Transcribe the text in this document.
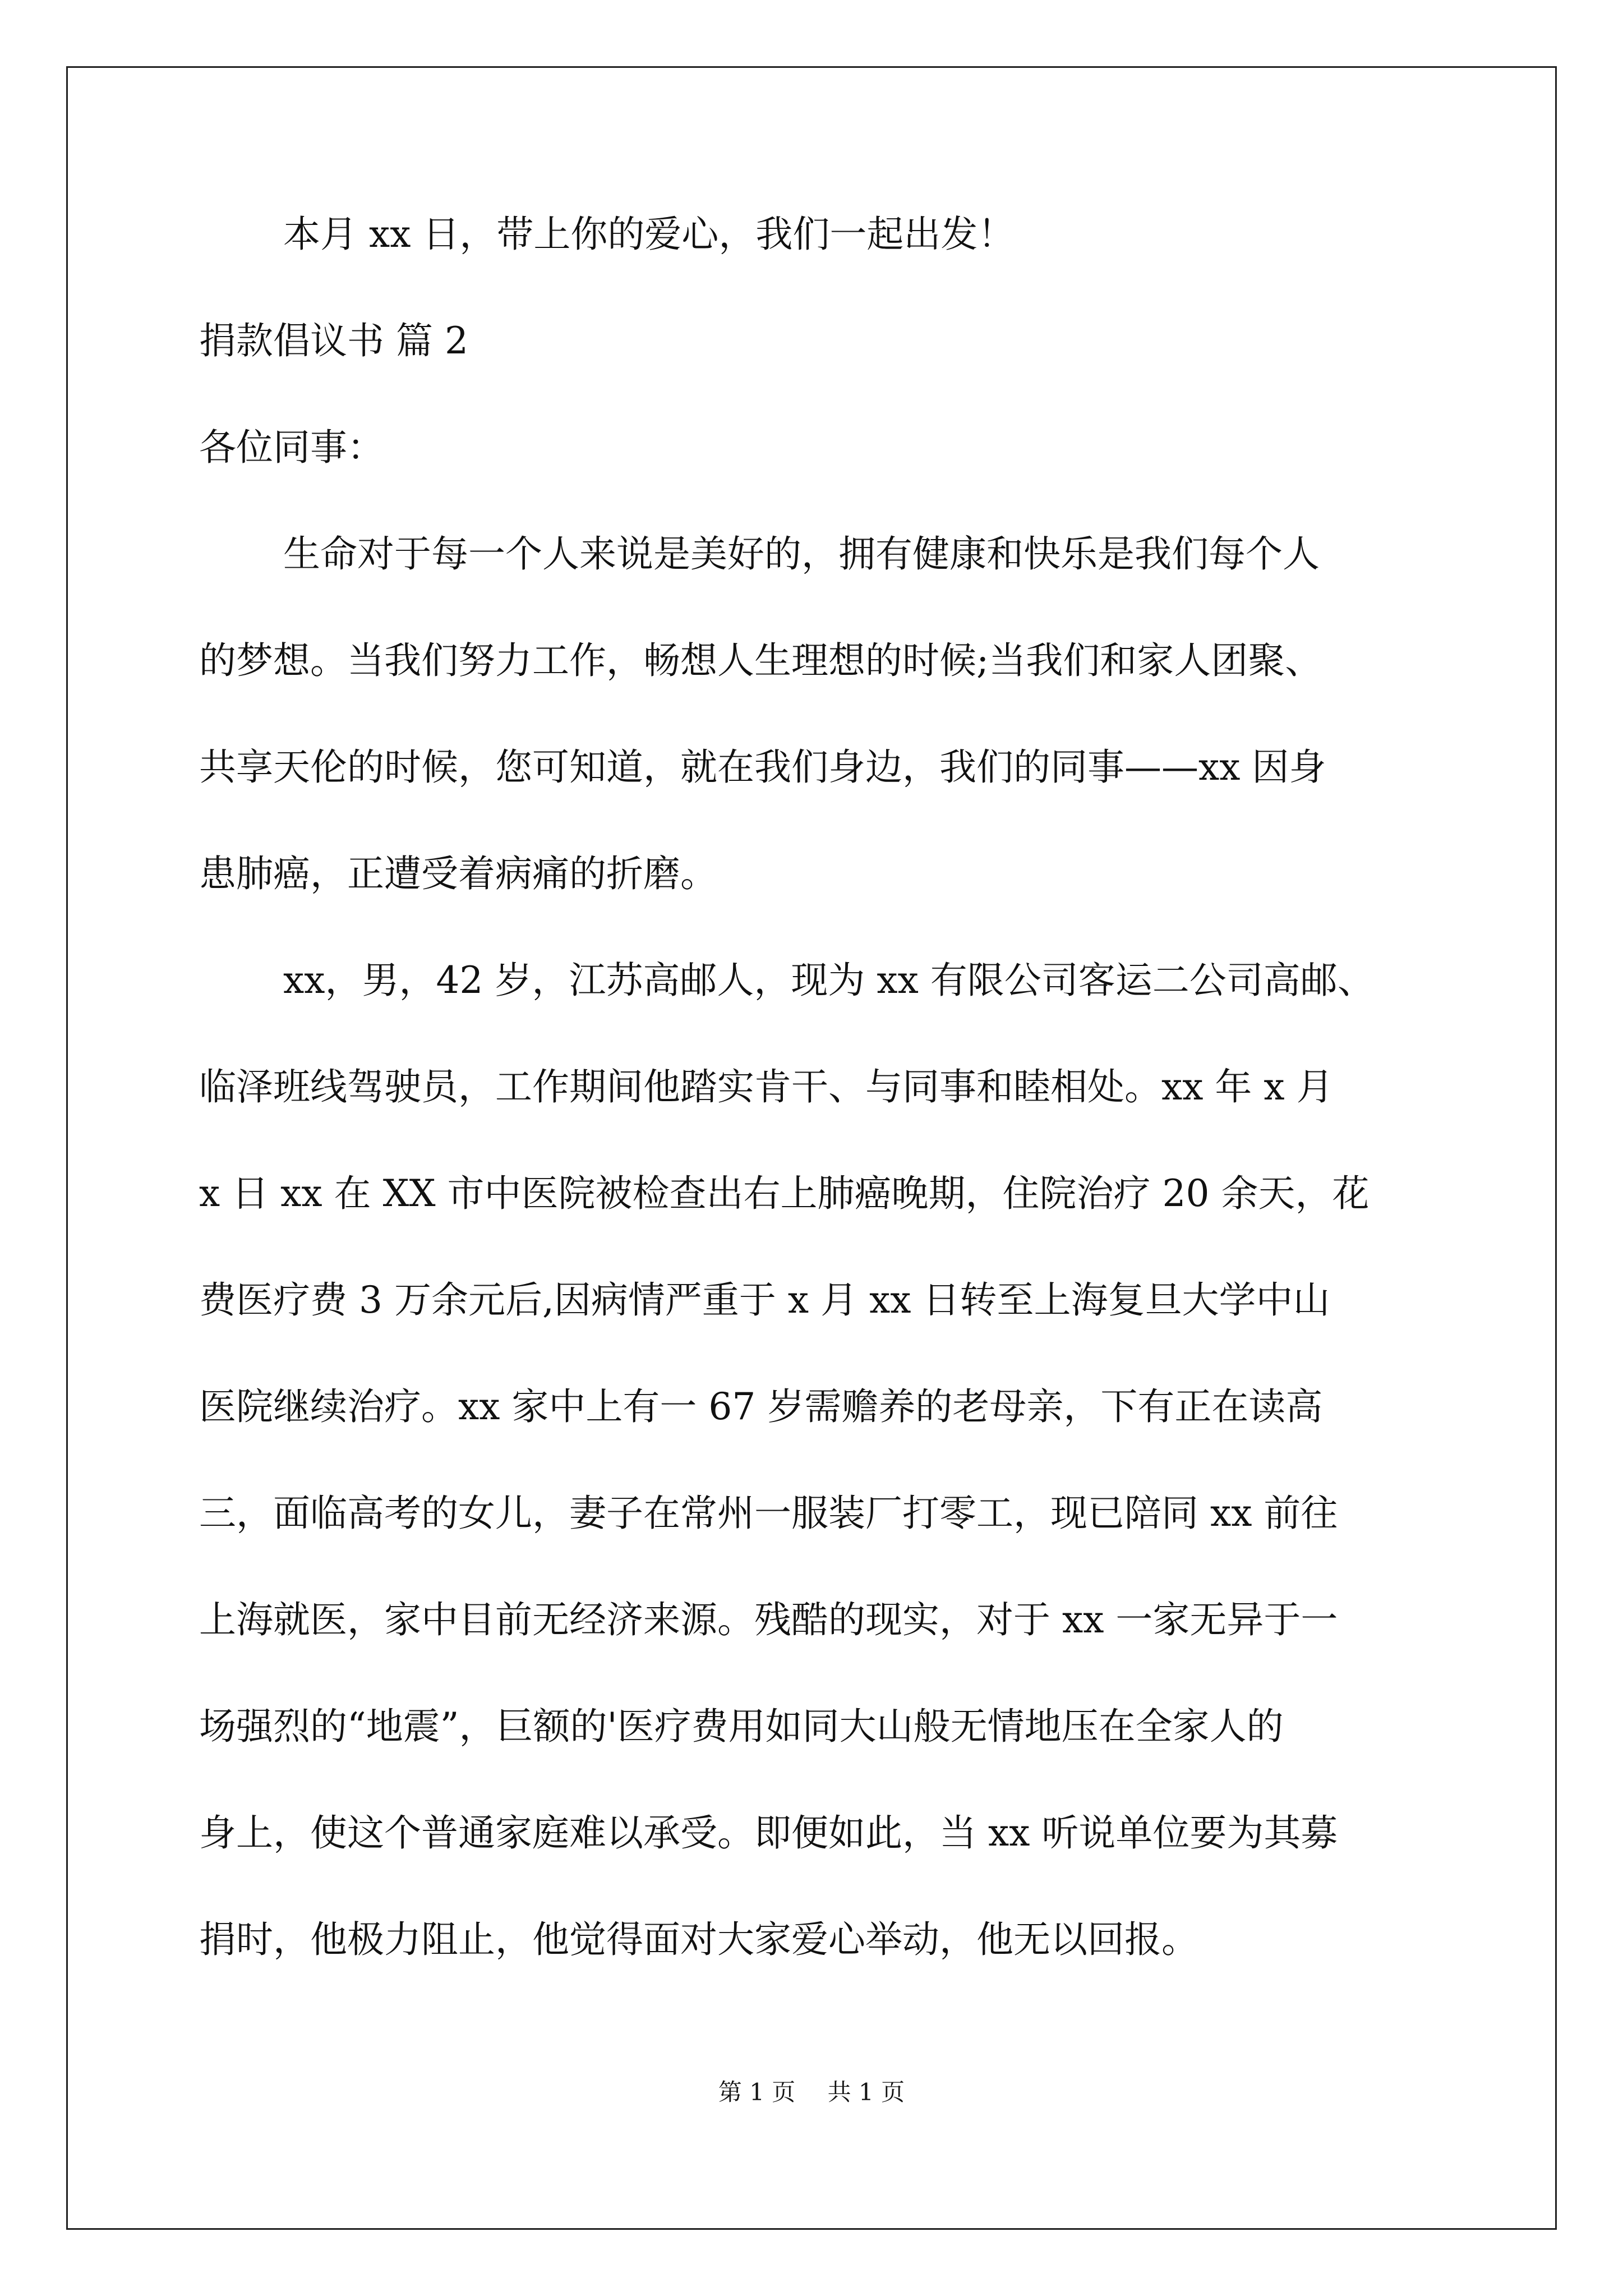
本月 xx 日，带上你的爱心，我们一起出发！
捐款倡议书 篇 2
各位同事：
生命对于每一个人来说是美好的，拥有健康和快乐是我们每个人
的梦想。当我们努力工作，畅想人生理想的时候;当我们和家人团聚、
共享天伦的时候，您可知道，就在我们身边，我们的同事——xx 因身
患肺癌，正遭受着病痛的折磨。
xx，男，42 岁，江苏高邮人，现为 xx 有限公司客运二公司高邮、
临泽班线驾驶员，工作期间他踏实肯干、与同事和睦相处。xx 年 x 月
x 日 xx 在 XX 市中医院被检查出右上肺癌晚期，住院治疗 20 余天，花
费医疗费 3 万余元后,因病情严重于 x 月 xx 日转至上海复旦大学中山
医院继续治疗。xx 家中上有一 67 岁需赡养的老母亲，下有正在读高
三，面临高考的女儿，妻子在常州一服装厂打零工，现已陪同 xx 前往
上海就医，家中目前无经济来源。残酷的现实，对于 xx 一家无异于一
场强烈的“地震”，巨额的'医疗费用如同大山般无情地压在全家人的
身上，使这个普通家庭难以承受。即便如此，当 xx 听说单位要为其募
捐时，他极力阻止，他觉得面对大家爱心举动，他无以回报。
第 1 页 共 1 页
